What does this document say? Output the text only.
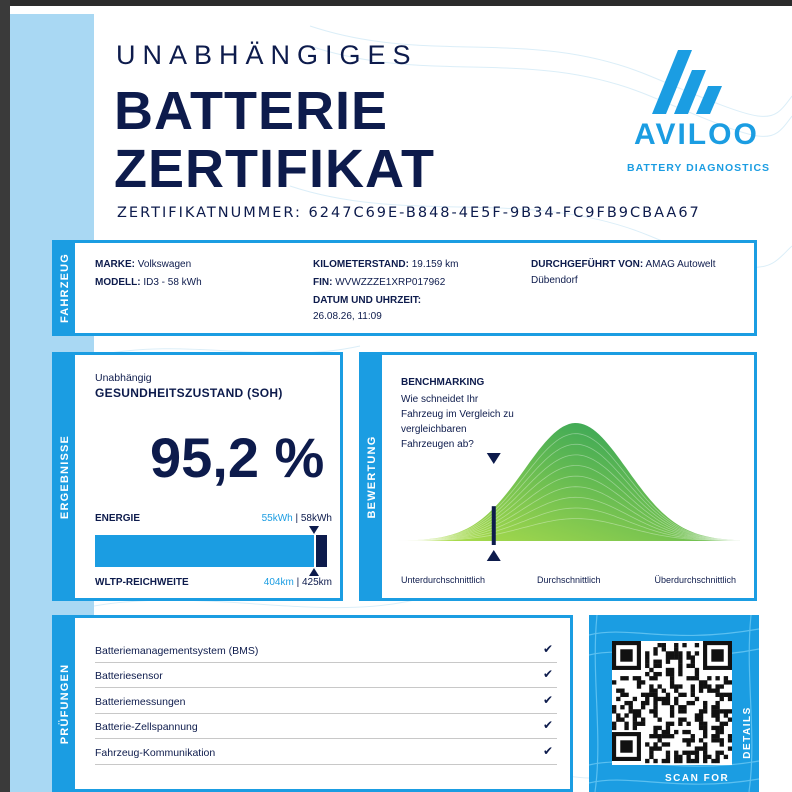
UNABHÄNGIGES
BATTERIE
ZERTIFIKAT
ZERTIFIKATNUMMER: 6247C69E-B848-4E5F-9B34-FC9FB9CBAA67
AVILOO
BATTERY DIAGNOSTICS
FAHRZEUG MARKE: Volkswagen
MODELL: ID3 - 58 kWh
KILOMETERSTAND: 19.159 km
FIN: WVWZZZE1XRP017962
DATUM UND UHRZEIT:
26.08.26, 11:09
DURCHGEFÜHRT VON: AMAG Autowelt
Dübendorf
ERGEBNISSE
Unabhängig
GESUNDHEITSZUSTAND (SOH)
95,2 %
ENERGIE	55kWh | 58kWh
WLTP-REICHWEITE	404km | 425km
BEWERTUNG
BENCHMARKING
Wie schneidet Ihr
Fahrzeug im Vergleich zu
vergleichbaren
Fahrzeugen ab?
Unterdurchschnittlich	Durchschnittlich	Überdurchschnittlich
PRÜFUNGEN
Batteriemanagementsystem (BMS)	✔
Batteriesensor	✔
Batteriemessungen	✔
Batterie-Zellspannung	✔
Fahrzeug-Kommunikation	✔
SCAN FOR
DETAILS
